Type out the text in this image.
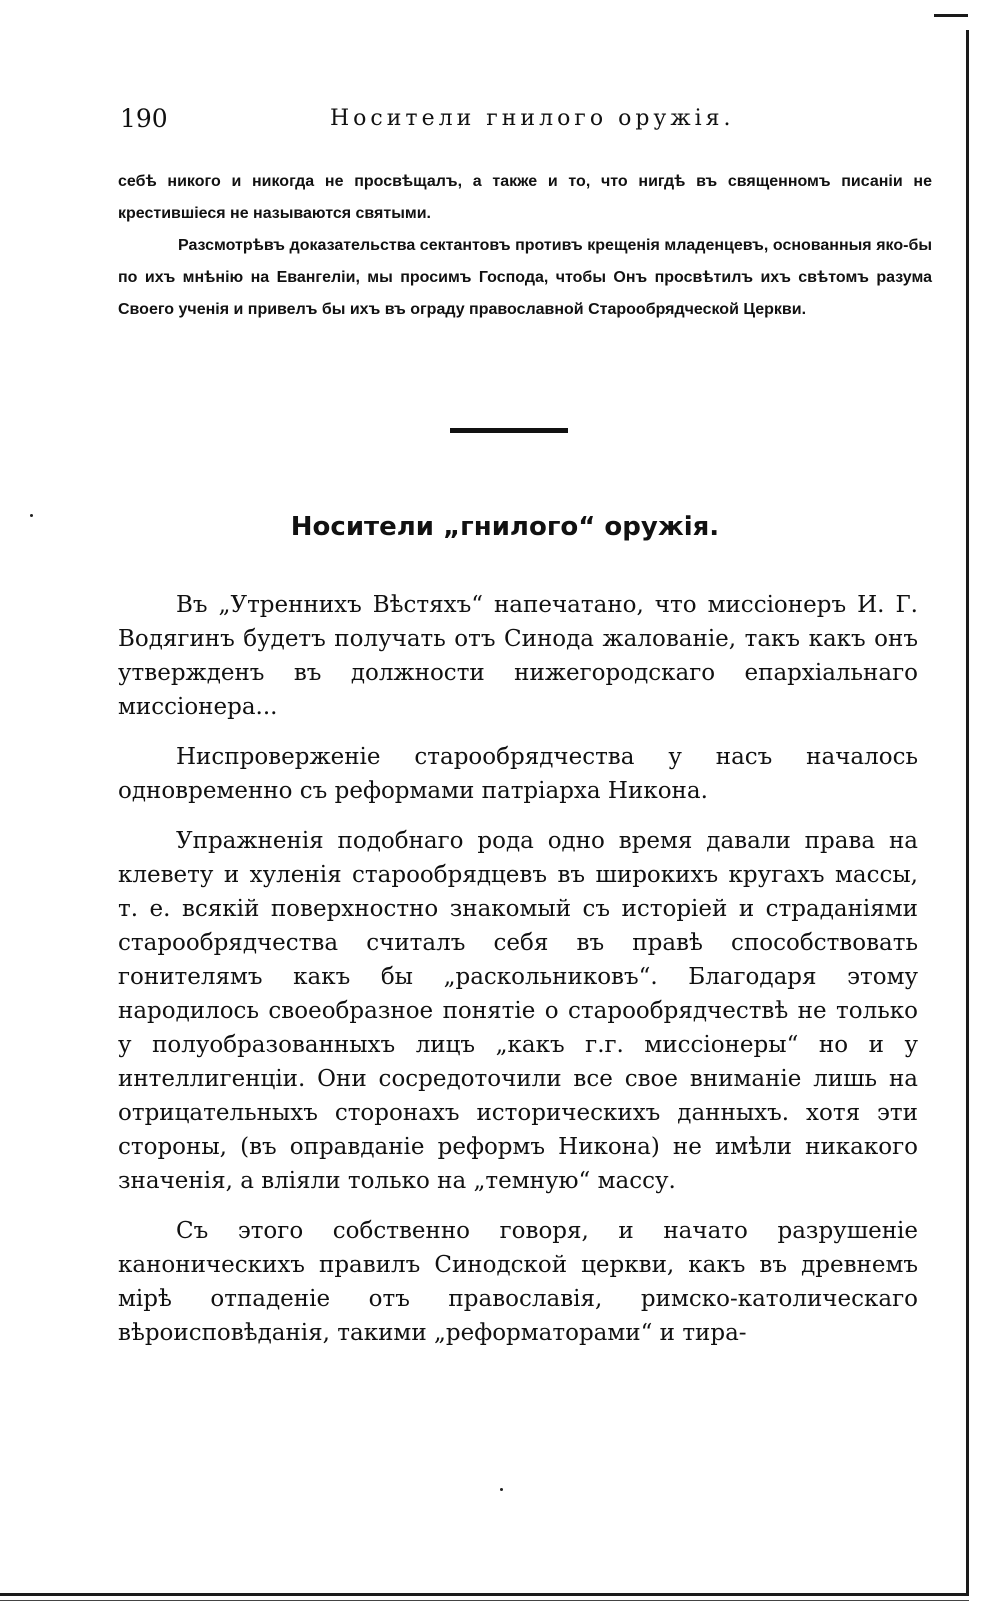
190	Носители гнилого оружія.

себѣ никого и никогда не просвѣщалъ, а также и то, что нигдѣ въ священномъ писаніи не крестившіеся не называются святыми.

Разсмотрѣвъ доказательства сектантовъ противъ крещенія младенцевъ, основанныя яко-бы по ихъ мнѣнію на Евангеліи, мы просимъ Господа, чтобы Онъ просвѣтилъ ихъ свѣтомъ разума Своего ученія и привелъ бы ихъ въ ограду православной Старообрядческой Церкви.

Носители „гнилого“ оружія.

Въ „Утреннихъ Вѣстяхъ“ напечатано, что миссіонеръ И. Г. Водягинъ будетъ получать отъ Синода жалованіе, такъ какъ онъ утвержденъ въ должности нижегородскаго епархіальнаго миссіонера...

Ниспроверженіе старообрядчества у насъ началось одновременно съ реформами патріарха Никона.

Упражненія подобнаго рода одно время давали права на клевету и хуленія старообрядцевъ въ широкихъ кругахъ массы, т. е. всякій поверхностно знакомый съ исторіей и страданіями старообрядчества считалъ себя въ правѣ способствовать гонителямъ какъ бы „раскольниковъ“. Благодаря этому народилось своеобразное понятіе о старообрядчествѣ не только у полуобразованныхъ лицъ „какъ г.г. миссіонеры“ но и у интеллигенціи. Они сосредоточили все свое вниманіе лишь на отрицательныхъ сторонахъ историческихъ данныхъ. хотя эти стороны, (въ оправданіе реформъ Никона) не имѣли никакого значенія, а вліяли только на „темную“ массу.

Съ этого собственно говоря, и начато разрушеніе каноническихъ правилъ Синодской церкви, какъ въ древнемъ мірѣ отпаденіе отъ православія, римско-католическаго вѣроисповѣданія, такими „реформаторами“ и тира-
